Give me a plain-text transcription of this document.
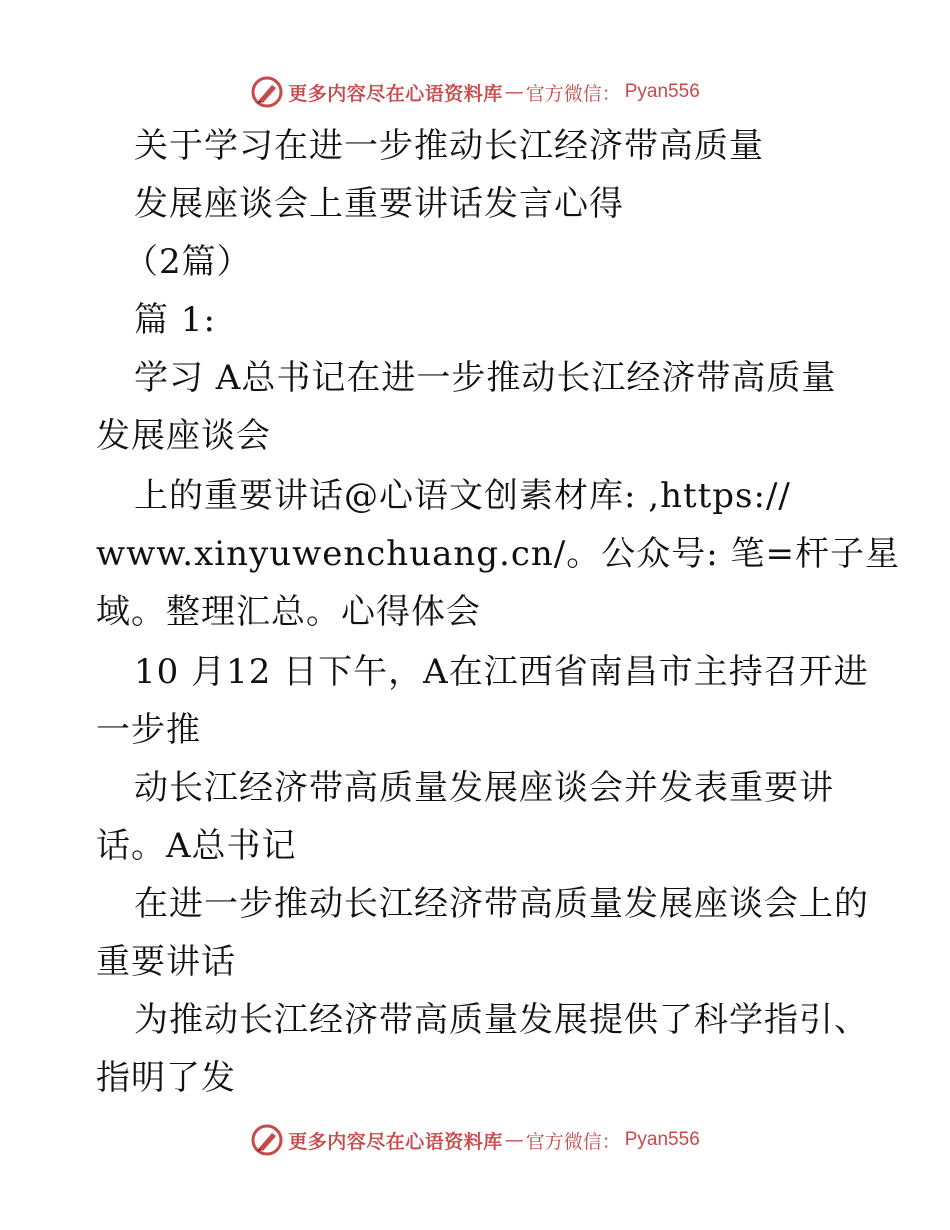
更多内容尽在心语资料库 — 官方微信： Pyan556
关于学习在进一步推动长江经济带高质量
发展座谈会上重要讲话发言心得
（2篇）
篇 1:
学习 A总书记在进一步推动长江经济带高质量
发展座谈会
上的重要讲话@心语文创素材库: ,https://
www.xinyuwenchuang.cn/。公众号: 笔=杆子星
域。整理汇总。心得体会
10 月12 日下午，A在江西省南昌市主持召开进
一步推
动长江经济带高质量发展座谈会并发表重要讲
话。A总书记
在进一步推动长江经济带高质量发展座谈会上的
重要讲话
为推动长江经济带高质量发展提供了科学指引、
指明了发
更多内容尽在心语资料库 — 官方微信： Pyan556
